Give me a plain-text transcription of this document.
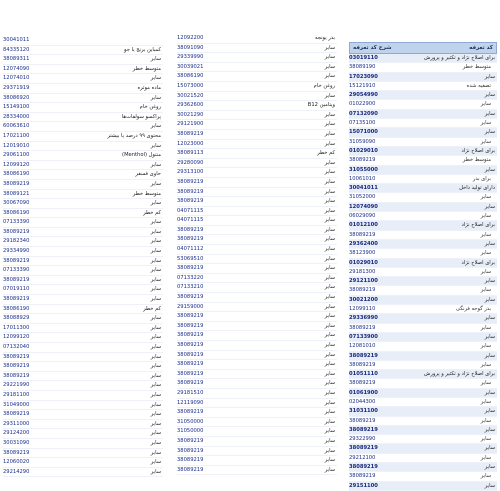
30041011
کمباین برنج یا جو
84335120
سایر
38089311
متوسط خطر
12074090
سایر
12074010
ماده موثره
29371919
سایر
38086920
روغن خام
15149100
پراکسو سولفات‌ها
28334000
سایر
60063610
محتوی ۹۹ درصد یا بیشتر
17021100
سایر
12019010
منتول (Menthol)
29061100
سایر
12099120
حاوی فسفر
38086190
سایر
38089219
متوسط خطر
38089121
سایر
30067090
کم خطر
38086190
سایر
07133390
سایر
38089219
سایر
29182340
سایر
29334990
سایر
38089219
سایر
07133390
سایر
38089219
سایر
07019110
سایر
38089219
کم خطر
38086190
سایر
38088929
سایر
17011300
سایر
12099120
سایر
07132040
سایر
38089219
سایر
38089219
سایر
38089219
سایر
29221990
سایر
29181100
سایر
31049000
سایر
38089219
سایر
29311000
سایر
29124200
سایر
30031090
سایر
38089219
سایر
12060020
سایر
29214290
بذر یونجه
12092200
سایر
38091090
سایر
29339990
سایر
30039021
سایر
38086190
روغن خام
15073000
سایر
30021520
ویتامین B12
29362600
سایر
30021290
سایر
29121900
سایر
38089219
سایر
12023000
کم خطر
38089113
سایر
29280090
سایر
29313100
سایر
38089219
سایر
38089219
سایر
38089219
سایر
04071115
سایر
04071115
سایر
38089219
سایر
38089219
سایر
04071112
سایر
53069510
سایر
38089219
سایر
07133220
سایر
07133210
سایر
38089219
سایر
29159000
سایر
38089219
سایر
38089219
سایر
38089219
سایر
38089219
سایر
38089219
سایر
38089219
سایر
38089219
سایر
38089219
سایر
29181510
سایر
12119090
سایر
38089219
سایر
31050000
سایر
31050000
سایر
38089219
سایر
38089219
سایر
38089219
سایر
38089219
کد تعرفه
شرح کد تعرفه
برای اصلاح نژاد و تکثیر و پرورش
03019110
متوسط خطر
38089190
سایر
17023090
تصفیه شده
15121910
سایر
29054990
سایر
01022900
سایر
07132090
سایر
07135100
سایر
15071000
سایر
31059090
برای اصلاح نژاد
01029010
متوسط خطر
38089219
سایر
31055000
برای بذر
10061010
دارای تولید داخل
30041011
سایر
31052000
سایر
12074090
سایر
06029090
برای اصلاح نژاد
01012100
سایر
38089219
سایر
29362400
سایر
38123900
برای اصلاح نژاد
01029010
سایر
29181300
سایر
29121100
سایر
38089219
سایر
30021200
بذر گوجه فرنگی
12099110
سایر
29336990
سایر
38089219
سایر
07133900
سایر
12081010
سایر
38089219
سایر
38089219
برای اصلاح نژاد و تکثیر و پرورش
01051110
سایر
38089219
سایر
01061900
سایر
02044300
سایر
31031100
سایر
38089219
سایر
38089219
سایر
29322990
سایر
38089219
سایر
29212100
سایر
38089219
سایر
38089219
سایر
29151100
